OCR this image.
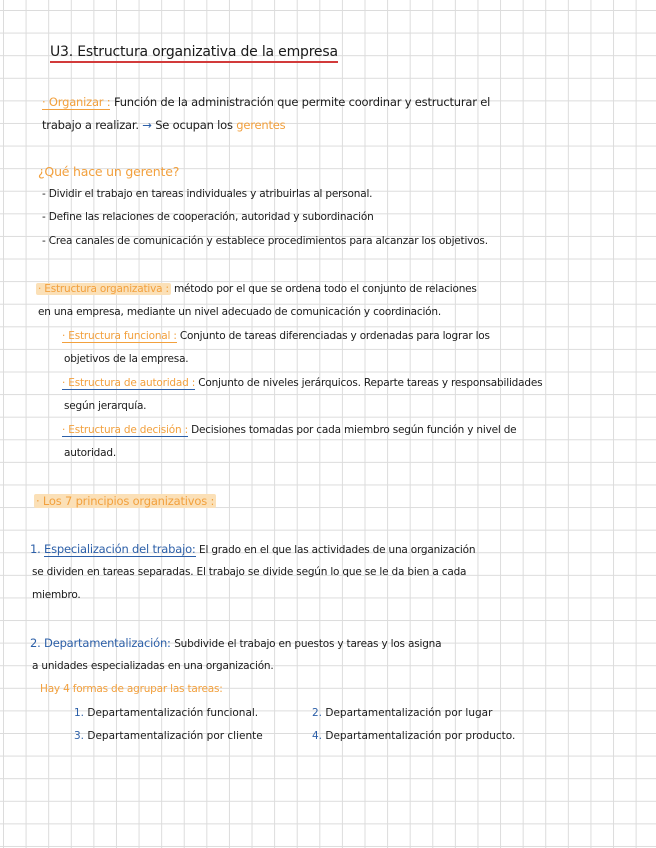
U3. Estructura organizativa de la empresa
· Organizar : Función de la administración que permite coordinar y estructurar el
trabajo a realizar. → Se ocupan los gerentes
¿Qué hace un gerente?
- Dividir el trabajo en tareas individuales y atribuirlas al personal.
- Define las relaciones de cooperación, autoridad y subordinación
- Crea canales de comunicación y establece procedimientos para alcanzar los objetivos.
· Estructura organizativa : método por el que se ordena todo el conjunto de relaciones
en una empresa, mediante un nivel adecuado de comunicación y coordinación.
· Estructura funcional : Conjunto de tareas diferenciadas y ordenadas para lograr los
objetivos de la empresa.
· Estructura de autoridad : Conjunto de niveles jerárquicos. Reparte tareas y responsabilidades
según jerarquía.
· Estructura de decisión : Decisiones tomadas por cada miembro según función y nivel de
autoridad.
· Los 7 principios organizativos :
1. Especialización del trabajo: El grado en el que las actividades de una organización
se dividen en tareas separadas. El trabajo se divide según lo que se le da bien a cada
miembro.
2. Departamentalización: Subdivide el trabajo en puestos y tareas y los asigna
a unidades especializadas en una organización.
Hay 4 formas de agrupar las tareas:
1. Departamentalización funcional.	2. Departamentalización por lugar
3. Departamentalización por cliente	4. Departamentalización por producto.
